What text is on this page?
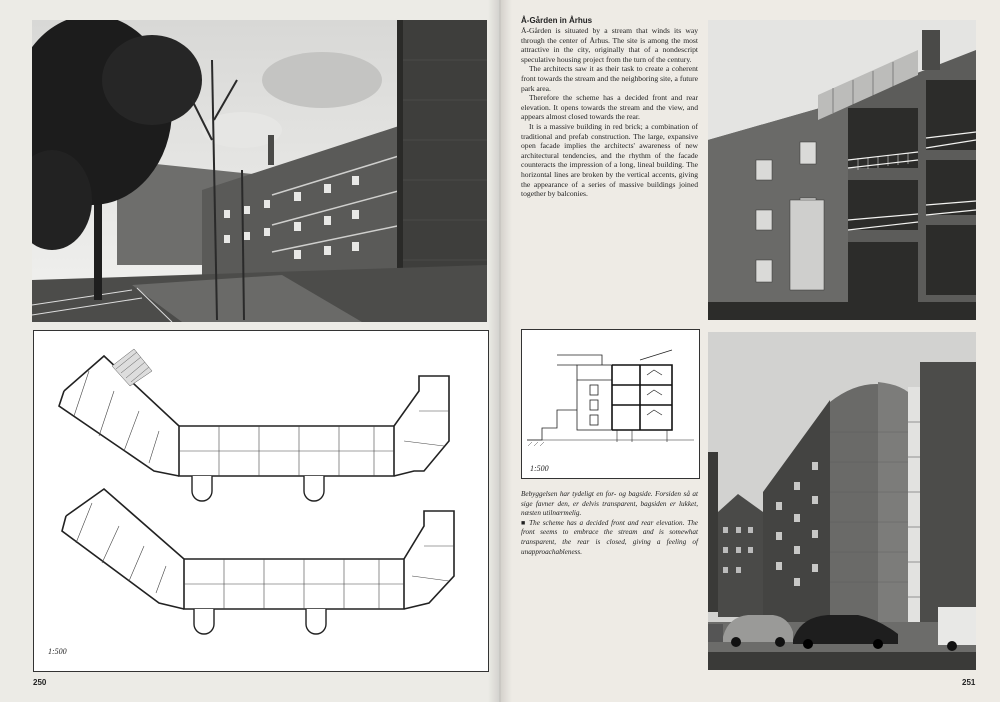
1:500
250
Å-Gården in Århus

Å-Gården is situated by a stream that winds its way through the center of Århus. The site is among the most attractive in the city, originally that of a nondescript speculative housing project from the turn of the century.

The architects saw it as their task to create a coherent front towards the stream and the neighboring site, a future park area.

Therefore the scheme has a decided front and rear elevation. It opens towards the stream and the view, and appears almost closed towards the rear.

It is a massive building in red brick; a combination of traditional and prefab construction. The large, expansive open facade implies the architects' awareness of new architectural tendencies, and the rhythm of the facade counteracts the impression of a long, lineal building. The horizontal lines are broken by the vertical accents, giving the appearance of a series of massive buildings joined together by balconies.

1:500

Bebyggelsen har tydeligt en for- og bagside. Forsiden så at sige favner den, er delvis transparent, bagsiden er lukket, næsten utilnærmelig.

■ The scheme has a decided front and rear elevation. The front seems to embrace the stream and is somewhat transparent, the rear is closed, giving a feeling of unapproachableness.

251
